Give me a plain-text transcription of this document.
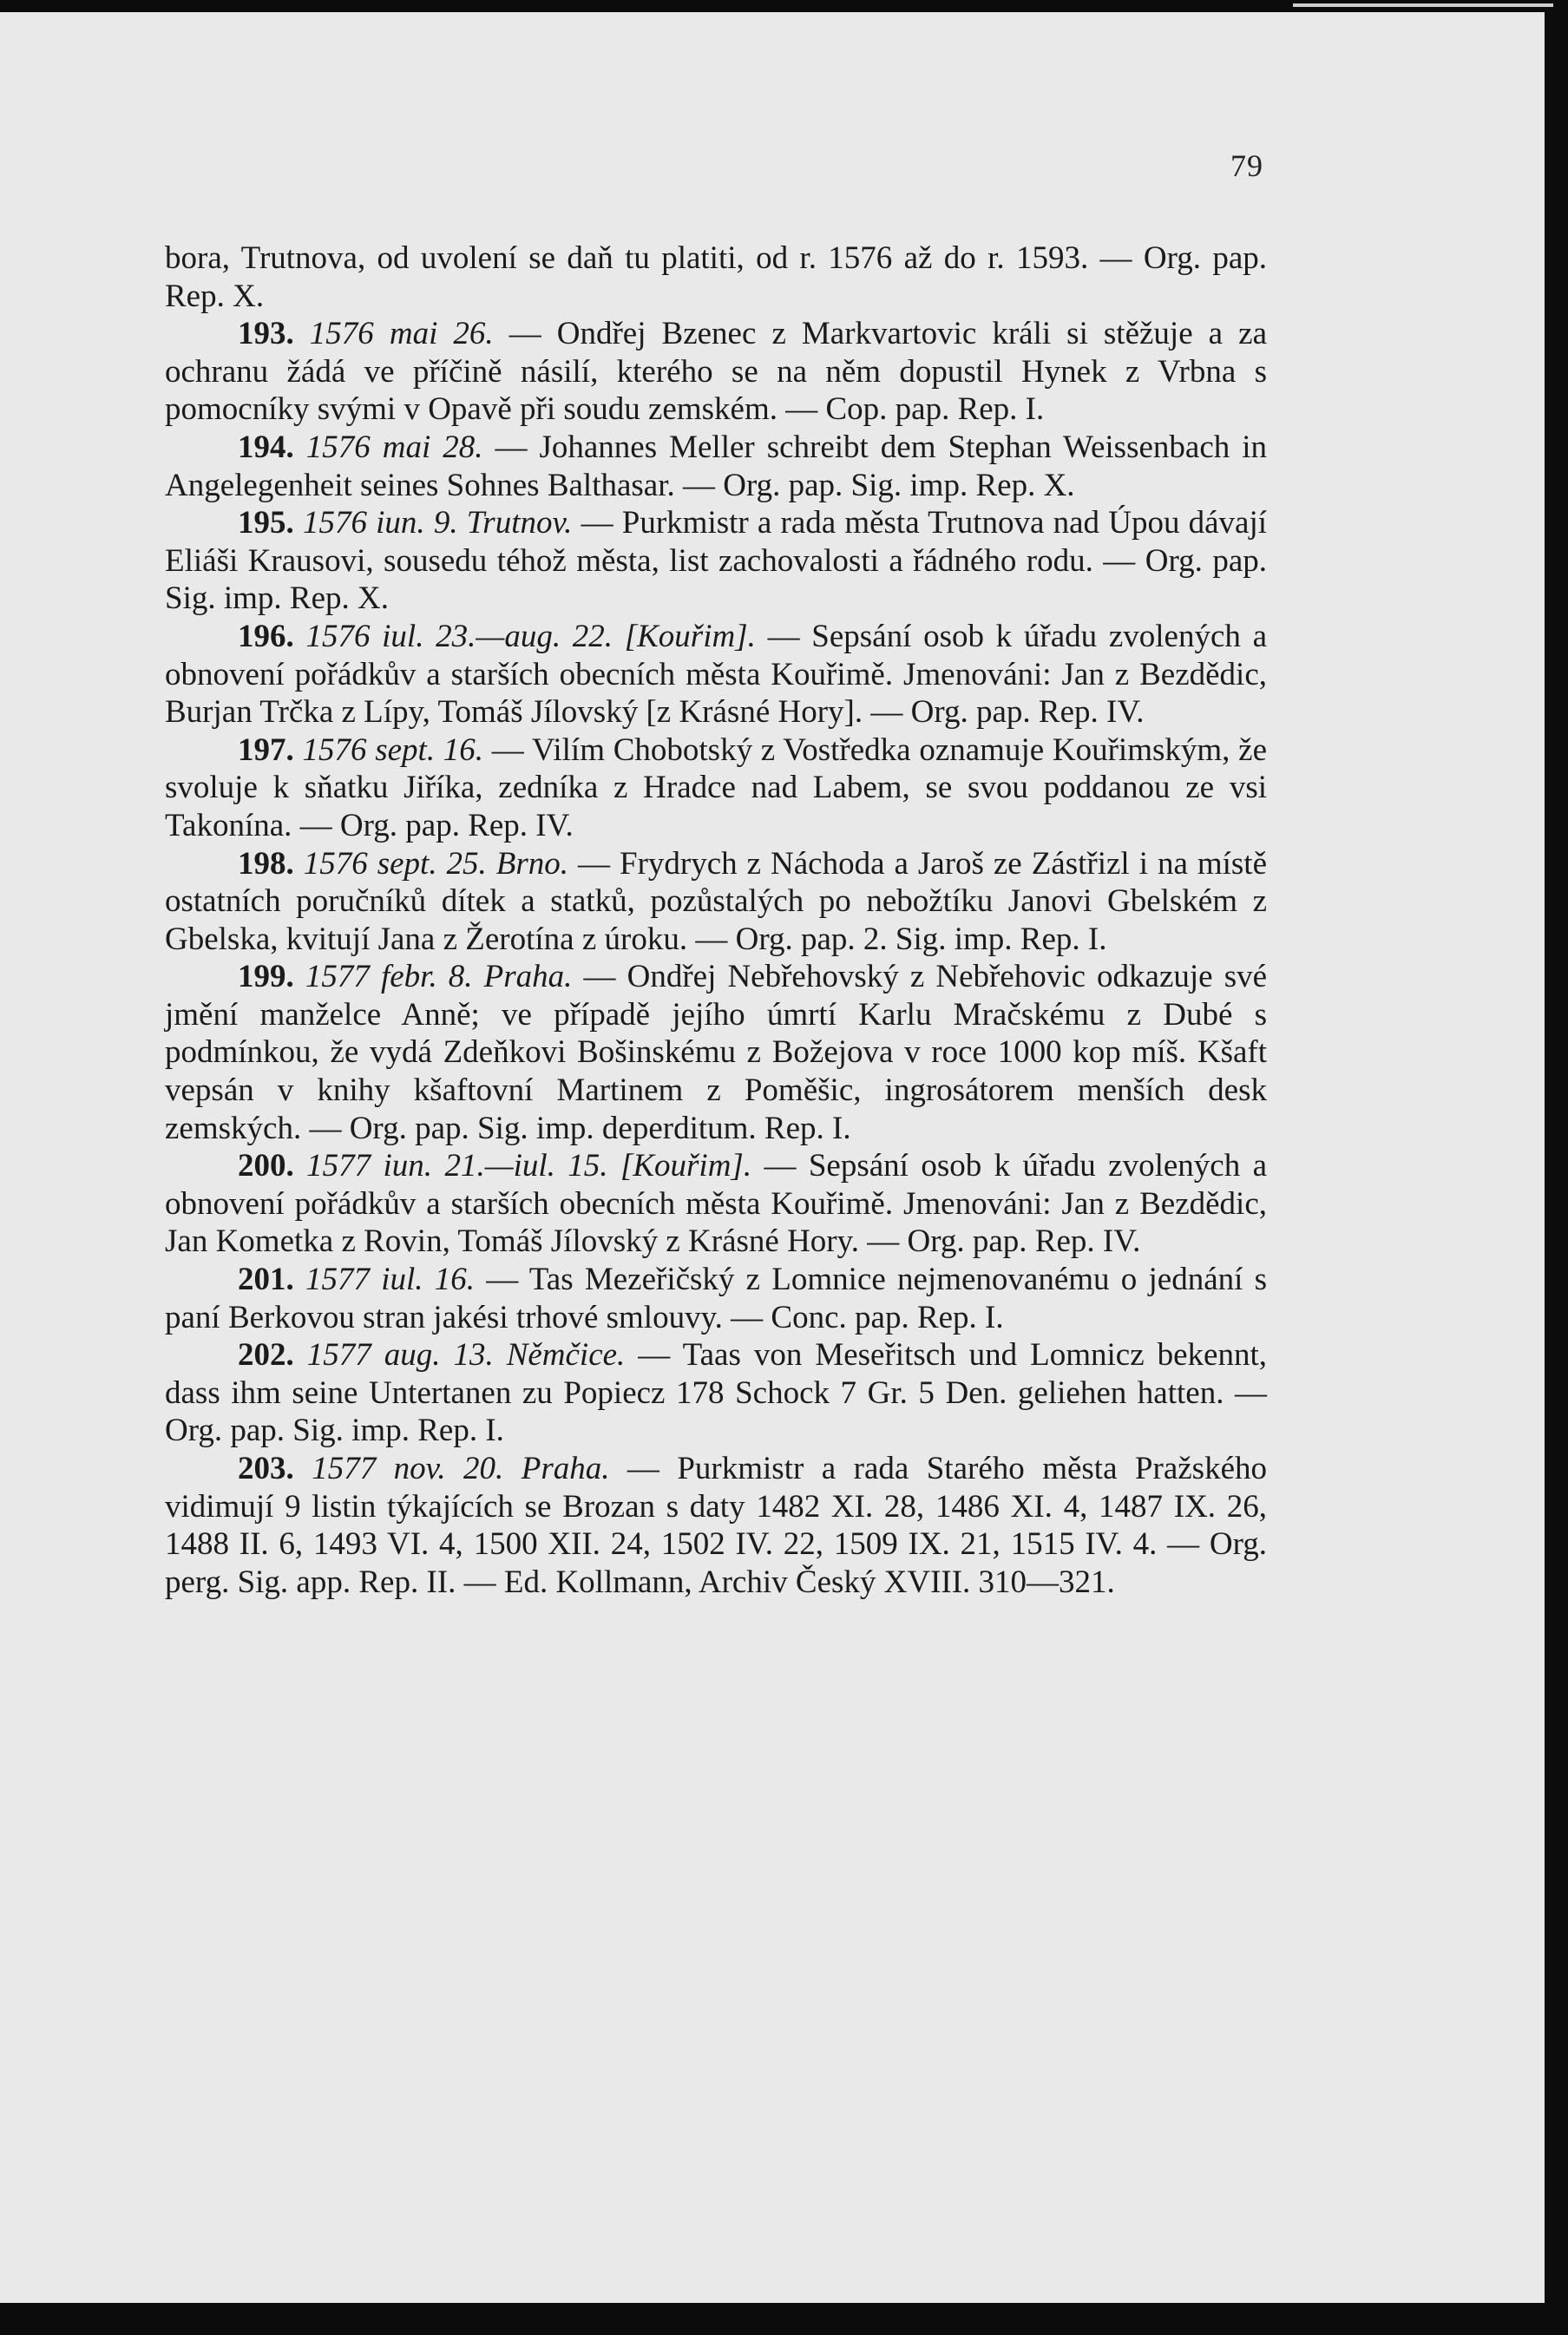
79

bora, Trutnova, od uvolení se daň tu platiti, od r. 1576 až do r. 1593. — Org. pap. Rep. X.

193. 1576 mai 26. — Ondřej Bzenec z Markvartovic králi si stěžuje a za ochranu žádá ve příčině násilí, kterého se na něm dopustil Hynek z Vrbna s pomocníky svými v Opavě při soudu zemském. — Cop. pap. Rep. I.

194. 1576 mai 28. — Johannes Meller schreibt dem Stephan Weissenbach in Angelegenheit seines Sohnes Balthasar. — Org. pap. Sig. imp. Rep. X.

195. 1576 iun. 9. Trutnov. — Purkmistr a rada města Trutnova nad Úpou dávají Eliáši Krausovi, sousedu téhož města, list zachovalosti a řádného rodu. — Org. pap. Sig. imp. Rep. X.

196. 1576 iul. 23.—aug. 22. [Kouřim]. — Sepsání osob k úřadu zvolených a obnovení pořádkův a starších obecních města Kouřimě. Jmenováni: Jan z Bezdědic, Burjan Trčka z Lípy, Tomáš Jílovský [z Krásné Hory]. — Org. pap. Rep. IV.

197. 1576 sept. 16. — Vilím Chobotský z Vostředka oznamuje Kouřimským, že svoluje k sňatku Jiříka, zedníka z Hradce nad Labem, se svou poddanou ze vsi Takonína. — Org. pap. Rep. IV.

198. 1576 sept. 25. Brno. — Frydrych z Náchoda a Jaroš ze Zástřizl i na místě ostatních poručníků dítek a statků, pozůstalých po nebožtíku Janovi Gbelském z Gbelska, kvitují Jana z Žerotína z úroku. — Org. pap. 2. Sig. imp. Rep. I.

199. 1577 febr. 8. Praha. — Ondřej Nebřehovský z Nebřehovic odkazuje své jmění manželce Anně; ve případě jejího úmrtí Karlu Mračskému z Dubé s podmínkou, že vydá Zdeňkovi Bošinskému z Božejova v roce 1000 kop míš. Kšaft vepsán v knihy kšaftovní Martinem z Poměšic, ingrosátorem menších desk zemských. — Org. pap. Sig. imp. deperditum. Rep. I.

200. 1577 iun. 21.—iul. 15. [Kouřim]. — Sepsání osob k úřadu zvolených a obnovení pořádkův a starších obecních města Kouřimě. Jmenováni: Jan z Bezdědic, Jan Kometka z Rovin, Tomáš Jílovský z Krásné Hory. — Org. pap. Rep. IV.

201. 1577 iul. 16. — Tas Mezeřičský z Lomnice nejmenovanému o jednání s paní Berkovou stran jakési trhové smlouvy. — Conc. pap. Rep. I.

202. 1577 aug. 13. Němčice. — Taas von Meseřitsch und Lomnicz bekennt, dass ihm seine Untertanen zu Popiecz 178 Schock 7 Gr. 5 Den. geliehen hatten. — Org. pap. Sig. imp. Rep. I.

203. 1577 nov. 20. Praha. — Purkmistr a rada Starého města Pražského vidimují 9 listin týkajících se Brozan s daty 1482 XI. 28, 1486 XI. 4, 1487 IX. 26, 1488 II. 6, 1493 VI. 4, 1500 XII. 24, 1502 IV. 22, 1509 IX. 21, 1515 IV. 4. — Org. perg. Sig. app. Rep. II. — Ed. Kollmann, Archiv Český XVIII. 310—321.
